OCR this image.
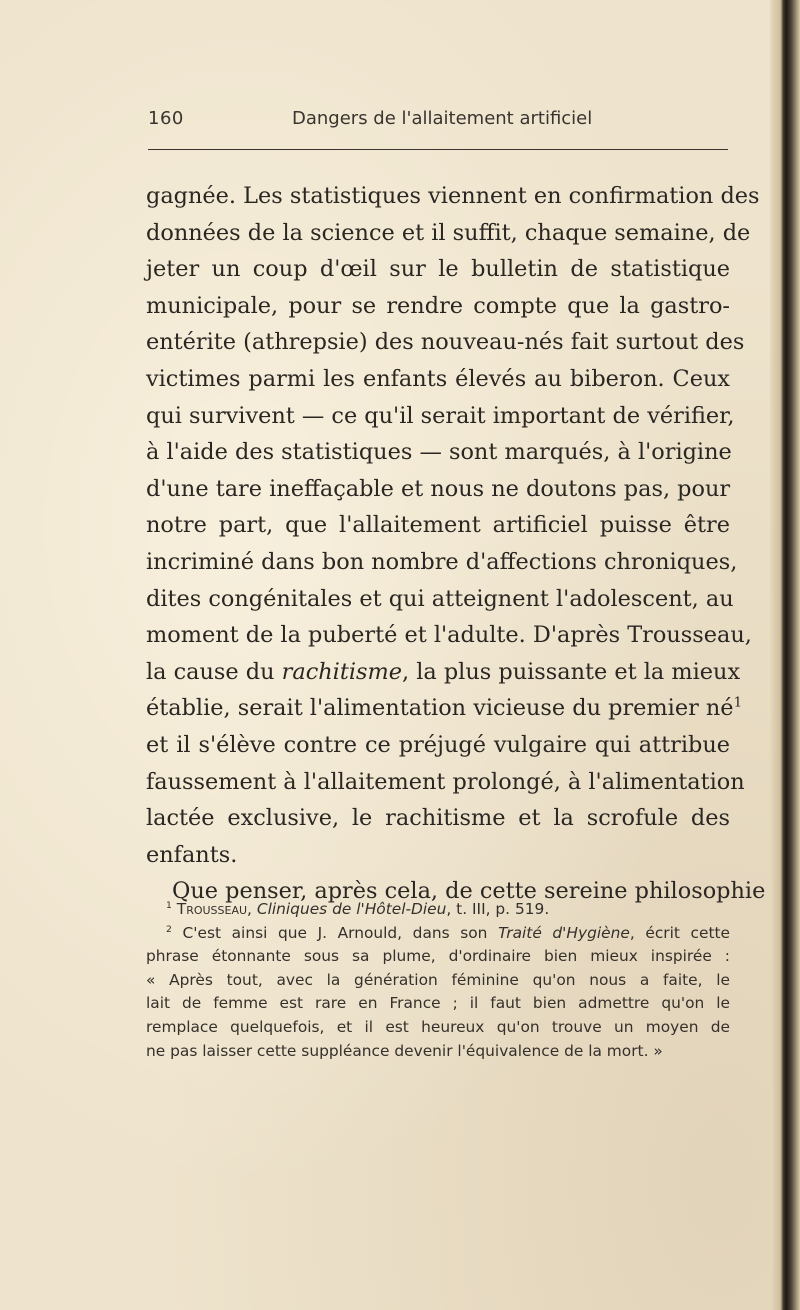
160	Dangers de l'allaitement artificiel
gagnée. Les statistiques viennent en confirmation des
données de la science et il suffit, chaque semaine, de
jeter un coup d'œil sur le bulletin de statistique
municipale, pour se rendre compte que la gastro-
entérite (athrepsie) des nouveau-nés fait surtout des
victimes parmi les enfants élevés au biberon. Ceux
qui survivent — ce qu'il serait important de vérifier,
à l'aide des statistiques — sont marqués, à l'origine
d'une tare ineffaçable et nous ne doutons pas, pour
notre part, que l'allaitement artificiel puisse être
incriminé dans bon nombre d'affections chroniques,
dites congénitales et qui atteignent l'adolescent, au
moment de la puberté et l'adulte. D'après Trousseau,
la cause du rachitisme, la plus puissante et la mieux
établie, serait l'alimentation vicieuse du premier $né^1$
et il s'élève contre ce préjugé vulgaire qui attribue
faussement à l'allaitement prolongé, à l'alimentation
lactée exclusive, le rachitisme et la scrofule des
enfants.
Que penser, après cela, de cette sereine philosophie
$^1$ Trousseau, Cliniques de l'Hôtel-Dieu, t. III, p. 519.
$^2$ C'est ainsi que J. Arnould, dans son Traité d'Hygiène, écrit cette
phrase étonnante sous sa plume, d'ordinaire bien mieux inspirée :
« Après tout, avec la génération féminine qu'on nous a faite, le
lait de femme est rare en France ; il faut bien admettre qu'on le
remplace quelquefois, et il est heureux qu'on trouve un moyen de
ne pas laisser cette suppléance devenir l'équivalence de la mort. »
